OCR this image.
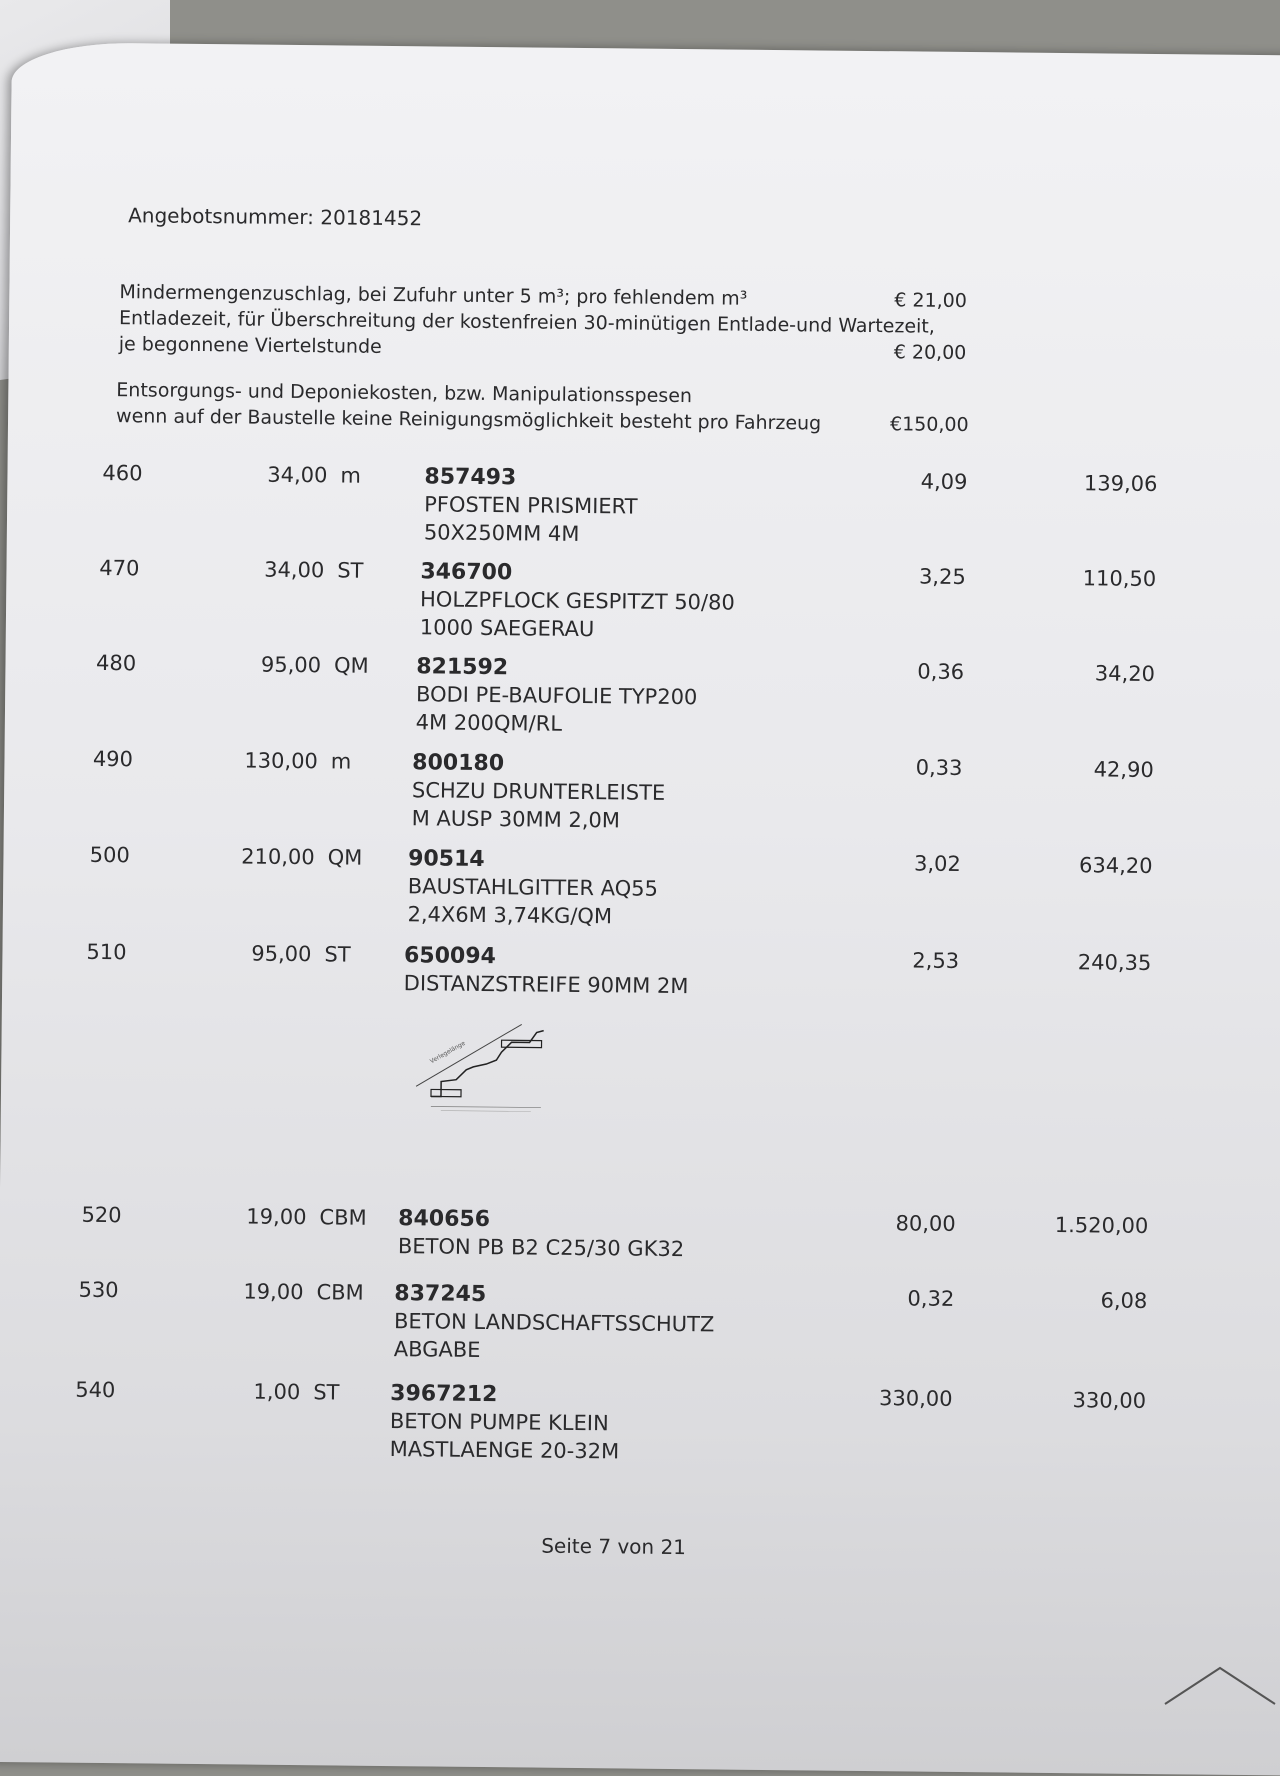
Angebotsnummer: 20181452
Mindermengenzuschlag, bei Zufuhr unter 5 m³; pro fehlendem m³	€ 21,00
Entladezeit, für Überschreitung der kostenfreien 30-minütigen Entlade-und Wartezeit,
je begonnene Viertelstunde	€ 20,00
Entsorgungs- und Deponiekosten, bzw. Manipulationsspesen
wenn auf der Baustelle keine Reinigungsmöglichkeit besteht pro Fahrzeug	€150,00
460	34,00 m	857493	4,09	139,06
PFOSTEN PRISMIERT
50X250MM 4M
470	34,00 ST	346700	3,25	110,50
HOLZPFLOCK GESPITZT 50/80
1000 SAEGERAU
480	95,00 QM 821592	0,36	34,20
BODI PE-BAUFOLIE TYP200
4M 200QM/RL
490	130,00 m	800180	0,33	42,90
SCHZU DRUNTERLEISTE
M AUSP 30MM 2,0M
500	210,00 QM 90514	3,02	634,20
BAUSTAHLGITTER AQ55
2,4X6M 3,74KG/QM
510	95,00 ST 650094	2,53	240,35
DISTANZSTREIFE 90MM 2M
520	19,00 CBM 840656	80,00	1.520,00
BETON PB B2 C25/30 GK32
530	19,00 CBM 837245	0,32	6,08
BETON LANDSCHAFTSSCHUTZ
ABGABE
540	1,00 ST 3967212	330,00	330,00
BETON PUMPE KLEIN
MASTLAENGE 20-32M
Verlegelänge
Seite 7 von 21
